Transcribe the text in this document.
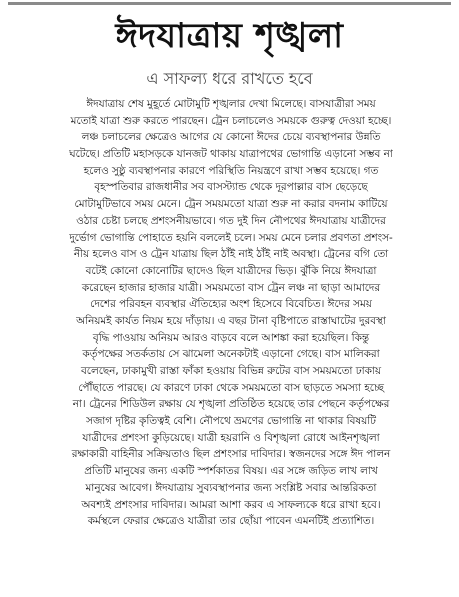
ঈদযাত্রায় শৃঙ্খলা
এ সাফল্য ধরে রাখতে হবে
ঈদযাত্রায় শেষ মুহূর্তে মোটামুটি শৃঙ্খলার দেখা মিলেছে। বাসযাত্রীরা সময়
মতোই যাত্রা শুরু করতে পারছেন। ট্রেন চলাচলেও সময়কে গুরুত্ব দেওয়া হচ্ছে।
লঞ্চ চলাচলের ক্ষেত্রেও আগের যে কোনো ঈদের চেয়ে ব্যবস্থাপনার উন্নতি
ঘটেছে। প্রতিটি মহাসড়কে যানজট থাকায় যাত্রাপথের ভোগান্তি এড়ানো সম্ভব না
হলেও সুষ্ঠু ব্যবস্থাপনার কারণে পরিস্থিতি নিয়ন্ত্রণে রাখা সম্ভব হয়েছে। গত
বৃহস্পতিবার রাজধানীর সব বাসস্ট্যান্ড থেকে দূরপাল্লার বাস ছেড়েছে
মোটামুটিভাবে সময় মেনে। ট্রেন সময়মতো যাত্রা শুরু না করার বদনাম কাটিয়ে
ওঠার চেষ্টা চলছে প্রশংসনীয়ভাবে। গত দুই দিন নৌপথের ঈদযাত্রায় যাত্রীদের
দুর্ভোগ ভোগান্তি পোহাতে হয়নি বললেই চলে। সময় মেনে চলার প্রবণতা প্রশংস-
নীয় হলেও বাস ও ট্রেন যাত্রায় ছিল ঠাঁই নাই ঠাঁই নাই অবস্থা। ট্রেনের বগি তো
বটেই কোনো কোনোটির ছাদেও ছিল যাত্রীদের ভিড়। ঝুঁকি নিয়ে ঈদযাত্রা
করেছেন হাজার হাজার যাত্রী। সময়মতো বাস ট্রেন লঞ্চ না ছাড়া আমাদের
দেশের পরিবহন ব্যবস্থার ঐতিহ্যের অংশ হিসেবে বিবেচিত। ঈদের সময়
অনিয়মই কার্যত নিয়ম হয়ে দাঁড়ায়। এ বছর টানা বৃষ্টিপাতে রাস্তাঘাটের দুরবস্থা
বৃদ্ধি পাওয়ায় অনিয়ম আরও বাড়বে বলে আশঙ্কা করা হয়েছিল। কিন্তু
কর্তৃপক্ষের সতর্কতায় সে ঝামেলা অনেকটাই এড়ানো গেছে। বাস মালিকরা
বলেছেন, ঢাকামুখী রাস্তা ফাঁকা হওয়ায় বিভিন্ন রুটের বাস সময়মতো ঢাকায়
পৌঁছাতে পারছে। যে কারণে ঢাকা থেকে সময়মতো বাস ছাড়তে সমস্যা হচ্ছে
না। ট্রেনের শিডিউল রক্ষায় যে শৃঙ্খলা প্রতিষ্ঠিত হয়েছে তার পেছনে কর্তৃপক্ষের
সজাগ দৃষ্টির কৃতিত্বই বেশি। নৌপথে ভ্রমণের ভোগান্তি না থাকার বিষয়টি
যাত্রীদের প্রশংসা কুড়িয়েছে। যাত্রী হয়রানি ও বিশৃঙ্খলা রোধে আইনশৃঙ্খলা
রক্ষাকারী বাহিনীর সক্রিয়তাও ছিল প্রশংসার দাবিদার। স্বজনদের সঙ্গে ঈদ পালন
প্রতিটি মানুষের জন্য একটি স্পর্শকাতর বিষয়। এর সঙ্গে জড়িত লাখ লাখ
মানুষের আবেগ। ঈদযাত্রায় সুব্যবস্থাপনার জন্য সংশ্লিষ্ট সবার আন্তরিকতা
অবশ্যই প্রশংসার দাবিদার। আমরা আশা করব এ সাফল্যকে ধরে রাখা হবে।
কর্মস্থলে ফেরার ক্ষেত্রেও যাত্রীরা তার ছোঁয়া পাবেন এমনটিই প্রত্যাশিত।
